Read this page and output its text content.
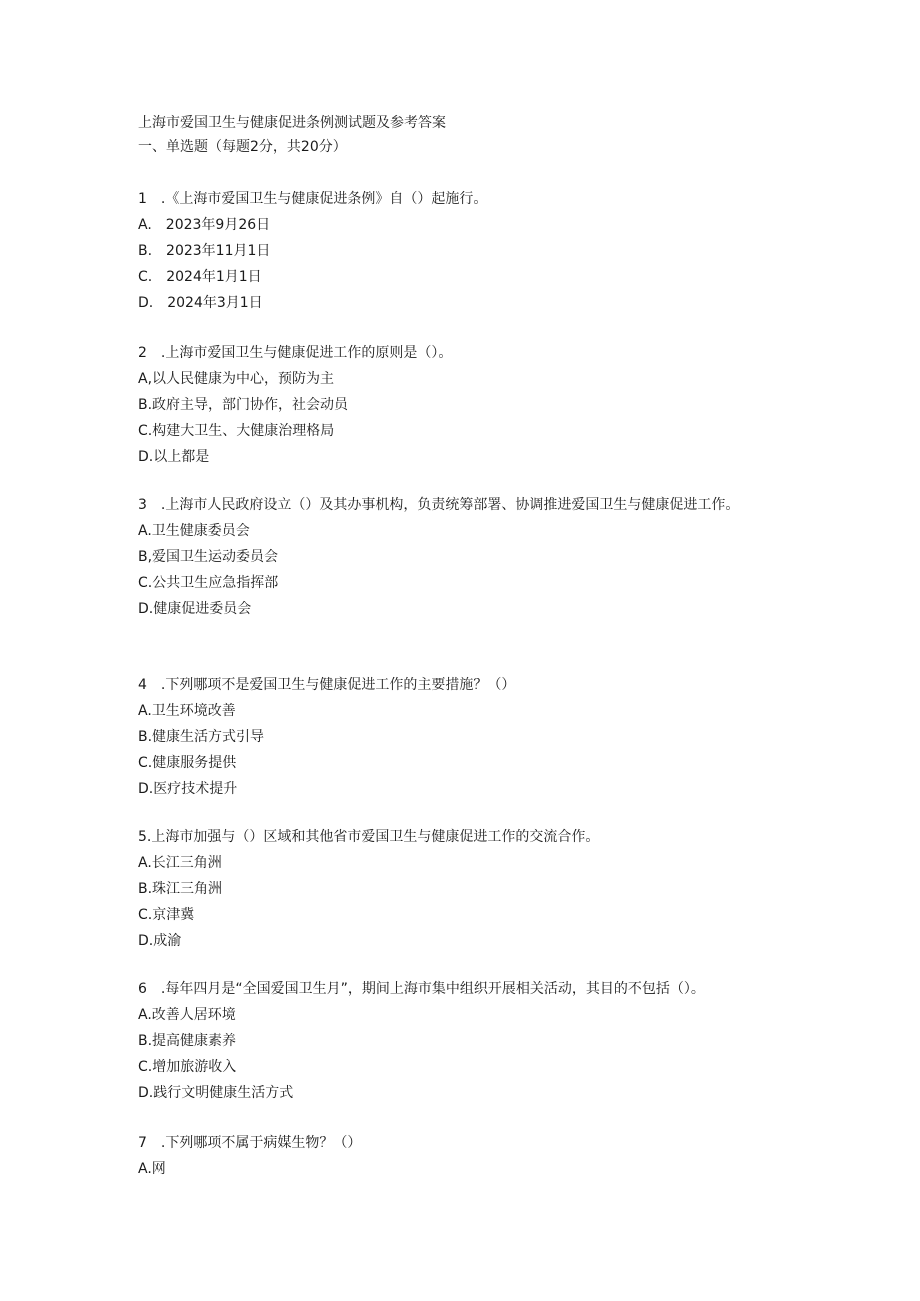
上海市爱国卫生与健康促进条例测试题及参考答案
一、单选题（每题2分，共20分）

1　.《上海市爱国卫生与健康促进条例》自（）起施行。

A.　2023年9月26日

B.　2023年11月1日

C.　2024年1月1日

D.　2024年3月1日

2　.上海市爱国卫生与健康促进工作的原则是（）。

A,以人民健康为中心，预防为主

B.政府主导，部门协作，社会动员

C.构建大卫生、大健康治理格局

D.以上都是

3　.上海市人民政府设立（）及其办事机构，负责统筹部署、协调推进爱国卫生与健康促进工作。

A.卫生健康委员会

B,爱国卫生运动委员会

C.公共卫生应急指挥部

D.健康促进委员会

4　.下列哪项不是爱国卫生与健康促进工作的主要措施？（）

A.卫生环境改善

B.健康生活方式引导

C.健康服务提供

D.医疗技术提升

5.上海市加强与（）区域和其他省市爱国卫生与健康促进工作的交流合作。

A.长江三角洲

B.珠江三角洲

C.京津冀

D.成渝

6　.每年四月是“全国爱国卫生月”，期间上海市集中组织开展相关活动，其目的不包括（）。

A.改善人居环境

B.提高健康素养

C.增加旅游收入

D.践行文明健康生活方式

7　.下列哪项不属于病媒生物？（）

A.网
